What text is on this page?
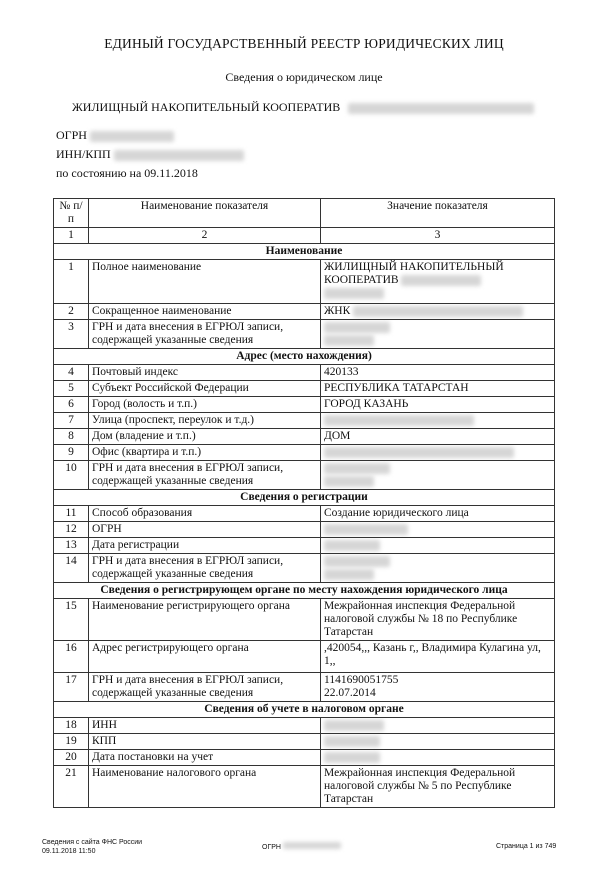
ЕДИНЫЙ ГОСУДАРСТВЕННЫЙ РЕЕСТР ЮРИДИЧЕСКИХ ЛИЦ
Сведения о юридическом лице
ЖИЛИЩНЫЙ НАКОПИТЕЛЬНЫЙ КООПЕРАТИВ
ОГРН
ИНН/КПП
по состоянию на 09.11.2018
№ п/п	Наименование показателя	Значение показателя
1	2	3
Наименование		
1	Полное наименование	ЖИЛИЩНЫЙ НАКОПИТЕЛЬНЫЙ КООПЕРАТИВ

2	Сокращенное наименование	ЖНК
3	ГРН и дата внесения в ЕГРЮЛ записи, содержащей указанные сведения	

Адрес (место нахождения)		
4	Почтовый индекс	420133
5	Субъект Российской Федерации	РЕСПУБЛИКА ТАТАРСТАН
6	Город (волость и т.п.)	ГОРОД КАЗАНЬ
7	Улица (проспект, переулок и т.д.)	
8	Дом (владение и т.п.)	ДОМ
9	Офис (квартира и т.п.)	
10	ГРН и дата внесения в ЕГРЮЛ записи, содержащей указанные сведения	

Сведения о регистрации		
11	Способ образования	Создание юридического лица
12	ОГРН	
13	Дата регистрации	
14	ГРН и дата внесения в ЕГРЮЛ записи, содержащей указанные сведения	

Сведения о регистрирующем органе по месту нахождения юридического лица		
15	Наименование регистрирующего органа	Межрайонная инспекция Федеральной налоговой службы № 18 по Республике Татарстан
16	Адрес регистрирующего органа	,420054,,, Казань г,, Владимира Кулагина ул, 1,,
17	ГРН и дата внесения в ЕГРЮЛ записи, содержащей указанные сведения	1141690051755
22.07.2014
Сведения об учете в налоговом органе		
18	ИНН	
19	КПП	
20	Дата постановки на учет	
21	Наименование налогового органа	Межрайонная инспекция Федеральной налоговой службы № 5 по Республике Татарстан
Сведения с сайта ФНС России
09.11.2018 11:50
ОГРН	Страница 1 из 749
